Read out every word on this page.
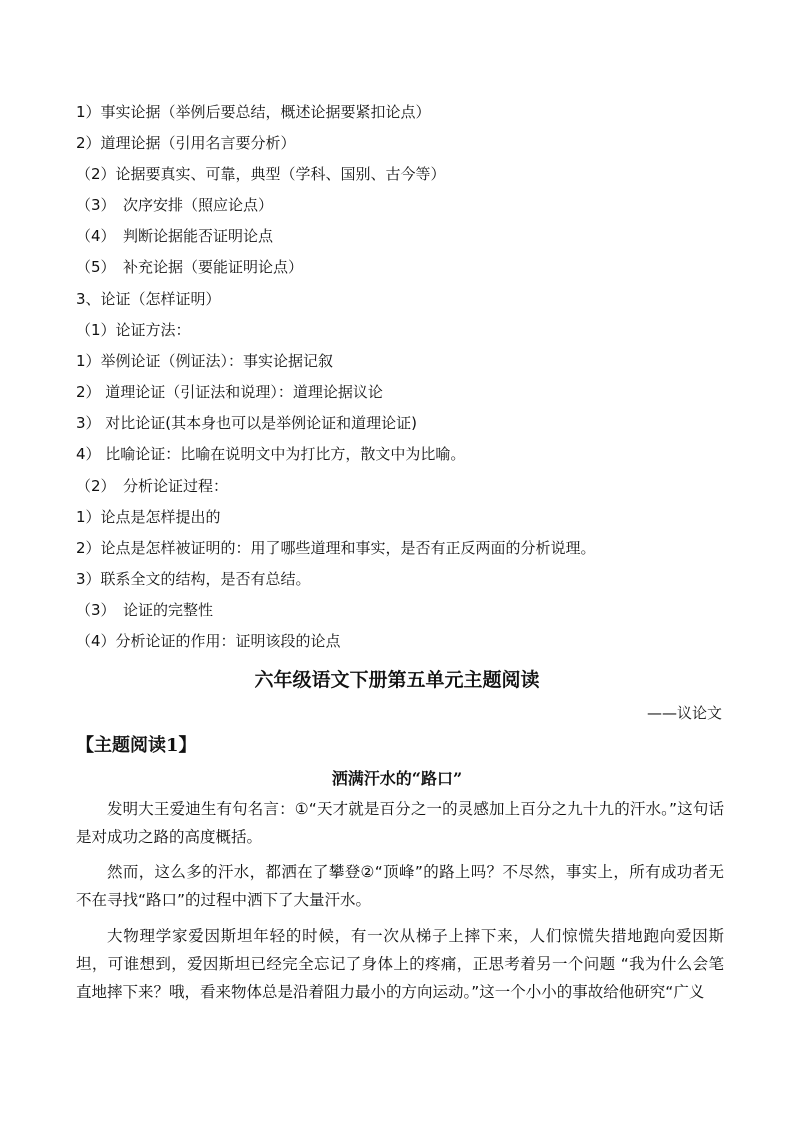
1）事实论据（举例后要总结，概述论据要紧扣论点）
2）道理论据（引用名言要分析）
（2）论据要真实、可靠，典型（学科、国别、古今等）
（3）　次序安排（照应论点）
（4）　判断论据能否证明论点
（5）　补充论据（要能证明论点）
3、论证（怎样证明）
（1）论证方法：
1）举例论证（例证法）：事实论据记叙
2） 道理论证（引证法和说理）：道理论据议论
3） 对比论证(其本身也可以是举例论证和道理论证)
4） 比喻论证：比喻在说明文中为打比方，散文中为比喻。
（2）　分析论证过程：
1）论点是怎样提出的
2）论点是怎样被证明的：用了哪些道理和事实，是否有正反两面的分析说理。
3）联系全文的结构，是否有总结。
（3）　论证的完整性
（4）分析论证的作用：证明该段的论点
六年级语文下册第五单元主题阅读
——议论文
【主题阅读1】
洒满汗水的“路口”
发明大王爱迪生有句名言：①“天才就是百分之一的灵感加上百分之九十九的汗水。”这句话是对成功之路的高度概括。
然而，这么多的汗水，都洒在了攀登②“顶峰”的路上吗？不尽然，事实上，所有成功者无不在寻找“路口”的过程中洒下了大量汗水。
大物理学家爱因斯坦年轻的时候，有一次从梯子上摔下来，人们惊慌失措地跑向爱因斯坦，可谁想到，爱因斯坦已经完全忘记了身体上的疼痛，正思考着另一个问题 “我为什么会笔直地摔下来？哦，看来物体总是沿着阻力最小的方向运动。”这一个小小的事故给他研究“广义
